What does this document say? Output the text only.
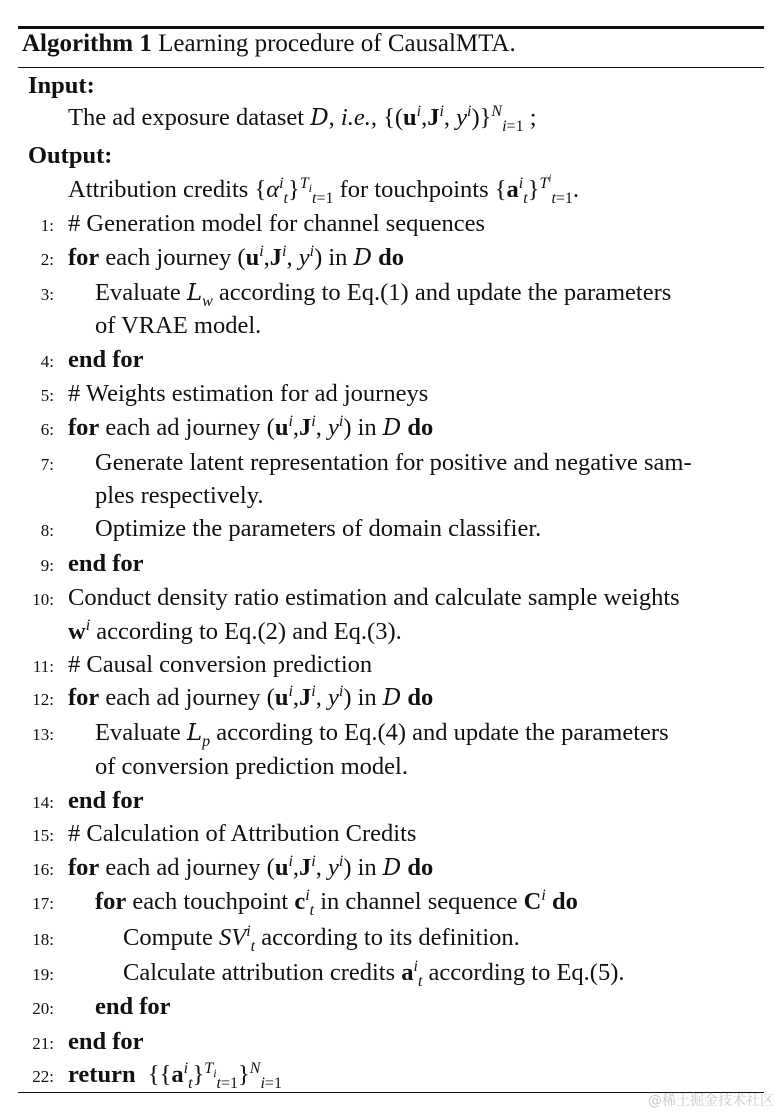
Algorithm 1 Learning procedure of CausalMTA.
Input:
The ad exposure dataset D, i.e., {($u^i,J^i$, $y^i)\}^N_{i=1}$ ;
Output:
Attribution credits $\{\alpha^i_t\}^{T_i}_{t=1}$ for touchpoints $\{a^i_t\}^{T^i}_{t=1}$.
1: # Generation model for channel sequences
2: for each journey ($u^i,J^i$, $y^i$) in D do
3: Evaluate $L_w$ according to Eq.(1) and update the parameters
of VRAE model.
4: end for
5: # Weights estimation for ad journeys
6: for each ad journey ($u^i,J^i$, $y^i$) in D do
7: Generate latent representation for positive and negative sam-
ples respectively.
8: Optimize the parameters of domain classifier.
9: end for
10: Conduct density ratio estimation and calculate sample weights
$w^i$ according to Eq.(2) and Eq.(3).
11: # Causal conversion prediction
12: for each ad journey ($u^i,J^i$, $y^i$) in D do
13: Evaluate $L_p$ according to Eq.(4) and update the parameters
of conversion prediction model.
14: end for
15: # Calculation of Attribution Credits
16: for each ad journey ($u^i,J^i$, $y^i$) in D do
17: for each touchpoint $c^i_t$ in channel sequence $C^i$ do
18:	Compute $SV^i_t$ according to its definition.
19:	Calculate attribution credits $a^i_t$ according to Eq.(5).
20: end for
21: end for
22: return  $\{\{a^i_t\}^{T_i}_{t=1}\}^N_{i=1}$
@稀土掘金技术社区
